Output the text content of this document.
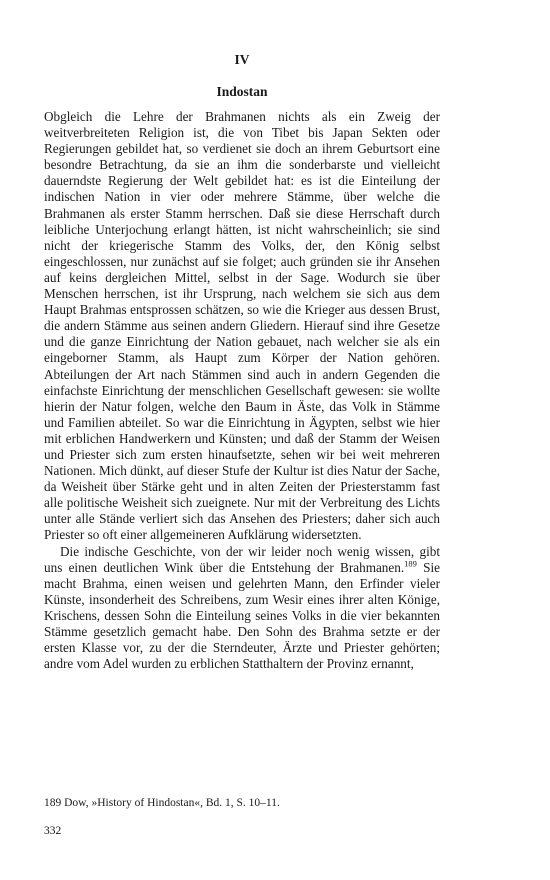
IV
Indostan

Obgleich die Lehre der Brahmanen nichts als ein Zweig der weitverbreiteten Religion ist, die von Tibet bis Japan Sekten oder Regierungen gebildet hat, so verdienet sie doch an ihrem Geburtsort eine besondre Betrachtung, da sie an ihm die sonderbarste und vielleicht dauerndste Regierung der Welt gebildet hat: es ist die Einteilung der indischen Nation in vier oder mehrere Stämme, über welche die Brahmanen als erster Stamm herrschen. Daß sie diese Herrschaft durch leibliche Unterjochung erlangt hätten, ist nicht wahrscheinlich; sie sind nicht der kriegerische Stamm des Volks, der, den König selbst eingeschlossen, nur zunächst auf sie folget; auch gründen sie ihr Ansehen auf keins dergleichen Mittel, selbst in der Sage. Wodurch sie über Menschen herrschen, ist ihr Ursprung, nach welchem sie sich aus dem Haupt Brahmas entsprossen schätzen, so wie die Krieger aus dessen Brust, die andern Stämme aus seinen andern Gliedern. Hierauf sind ihre Gesetze und die ganze Einrichtung der Nation gebauet, nach welcher sie als ein eingeborner Stamm, als Haupt zum Körper der Nation gehören. Abteilungen der Art nach Stämmen sind auch in andern Gegenden die einfachste Einrichtung der menschlichen Gesellschaft gewesen: sie wollte hierin der Natur folgen, welche den Baum in Äste, das Volk in Stämme und Familien abteilet. So war die Einrichtung in Ägypten, selbst wie hier mit erblichen Handwerkern und Künsten; und daß der Stamm der Weisen und Priester sich zum ersten hinaufsetzte, sehen wir bei weit mehreren Nationen. Mich dünkt, auf dieser Stufe der Kultur ist dies Natur der Sache, da Weisheit über Stärke geht und in alten Zeiten der Priesterstamm fast alle politische Weisheit sich zueignete. Nur mit der Verbreitung des Lichts unter alle Stände verliert sich das Ansehen des Priesters; daher sich auch Priester so oft einer allgemeineren Aufklärung widersetzten.

Die indische Geschichte, von der wir leider noch wenig wissen, gibt uns einen deutlichen Wink über die Entstehung der Brahmanen.$^{189}$ Sie macht Brahma, einen weisen und gelehrten Mann, den Erfinder vieler Künste, insonderheit des Schreibens, zum Wesir eines ihrer alten Könige, Krischens, dessen Sohn die Einteilung seines Volks in die vier bekannten Stämme gesetzlich gemacht habe. Den Sohn des Brahma setzte er der ersten Klasse vor, zu der die Sterndeuter, Ärzte und Priester gehörten; andre vom Adel wurden zu erblichen Statthaltern der Provinz ernannt,

189 Dow, »History of Hindostan«, Bd. 1, S. 10–11.

332
